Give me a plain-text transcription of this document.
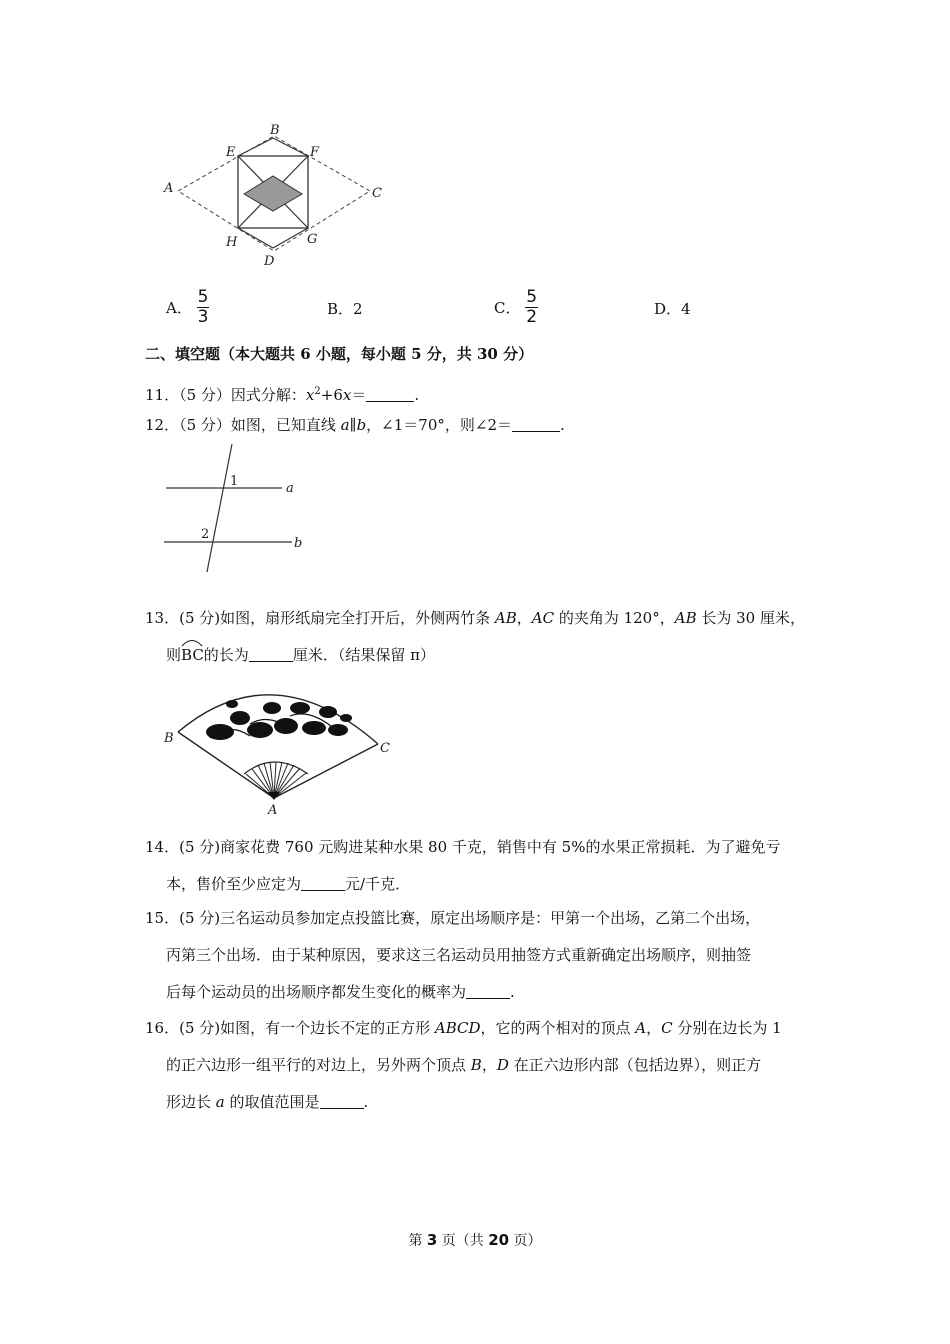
B
E	F
A	C
H	G
D
A． $\frac{5}{3}$	B．2	C． $\frac{5}{2}$	D．4
二、填空题（本大题共 6 小题，每小题 5 分，共 30 分）
11．（5 分）因式分解：$x^2+6x=$	.
12．（5 分）如图，已知直线 a∥b，∠1＝70°，则∠2＝	.
1
2
a
b
13．(5 分)如图，扇形纸扇完全打开后，外侧两竹条 AB，AC 的夹角为 120°，AB 长为 30 厘米，
则
BC的长为	厘米．（结果保留 π）
B
C
A
14．(5 分)商家花费 760 元购进某种水果 80 千克，销售中有 5%的水果正常损耗．为了避免亏
本，售价至少应定为	元/千克．
15．(5 分)三名运动员参加定点投篮比赛，原定出场顺序是：甲第一个出场，乙第二个出场，
丙第三个出场．由于某种原因，要求这三名运动员用抽签方式重新确定出场顺序，则抽签
后每个运动员的出场顺序都发生变化的概率为	.
16．(5 分)如图，有一个边长不定的正方形 ABCD，它的两个相对的顶点 A，C 分别在边长为 1
的正六边形一组平行的对边上，另外两个顶点 B，D 在正六边形内部（包括边界），则正方
形边长 a 的取值范围是	.
第 3 页（共 20 页）
